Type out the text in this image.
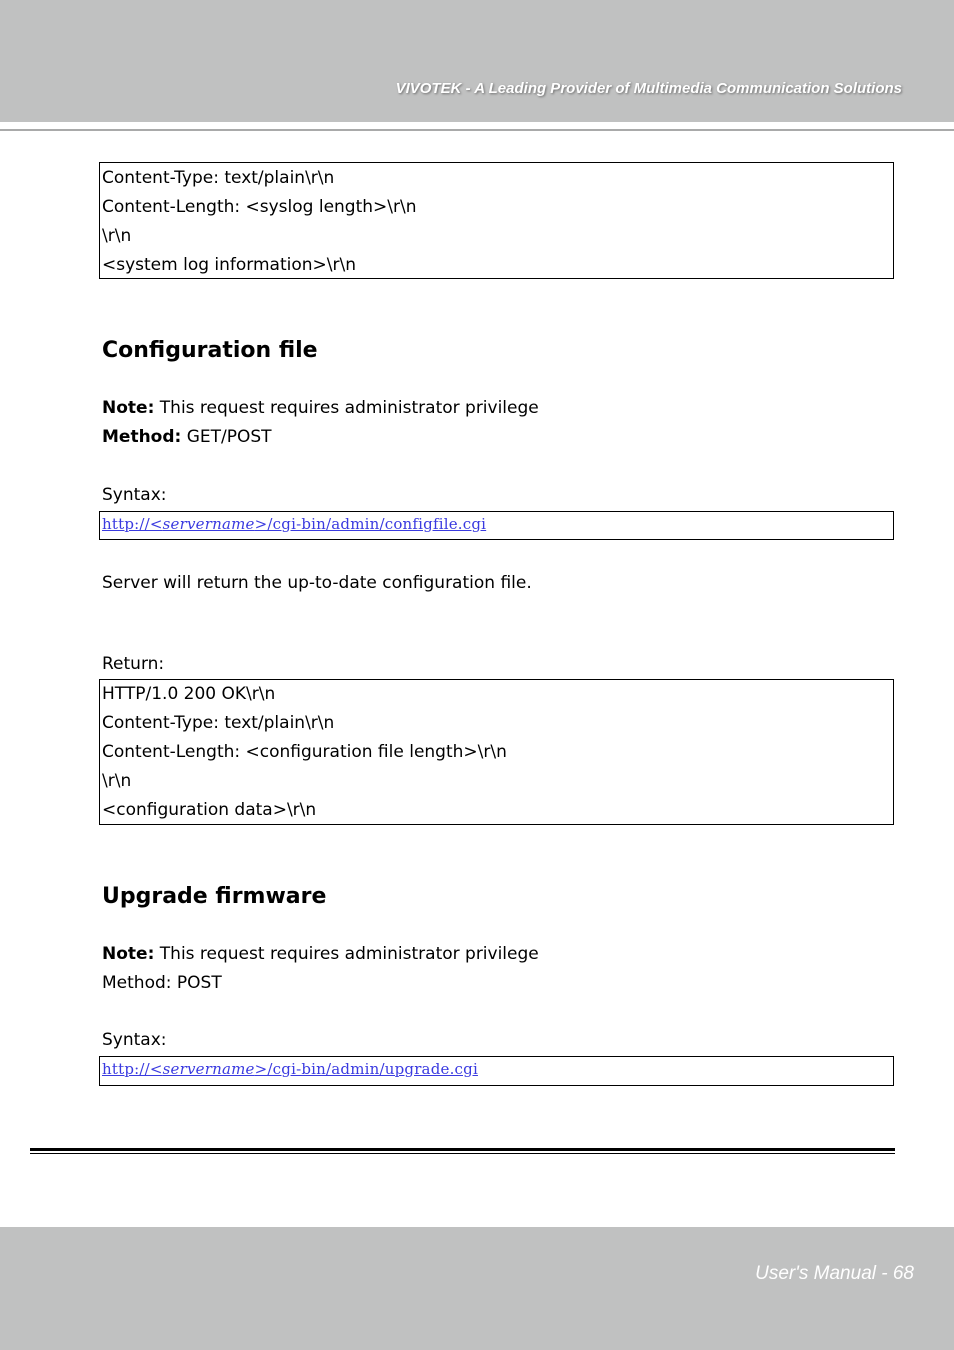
VIVOTEK - A Leading Provider of Multimedia Communication Solutions
Content-Type: text/plain\r\n
Content-Length: <syslog length>\r\n
\r\n
<system log information>\r\n
Configuration file
Note: This request requires administrator privilege
Method: GET/POST
Syntax:
http://<servername>/cgi-bin/admin/configfile.cgi
Server will return the up-to-date configuration file.
Return:
HTTP/1.0 200 OK\r\n
Content-Type: text/plain\r\n
Content-Length: <configuration file length>\r\n
\r\n
<configuration data>\r\n
Upgrade firmware
Note: This request requires administrator privilege
Method: POST
Syntax:
http://<servername>/cgi-bin/admin/upgrade.cgi
User's Manual - 68
